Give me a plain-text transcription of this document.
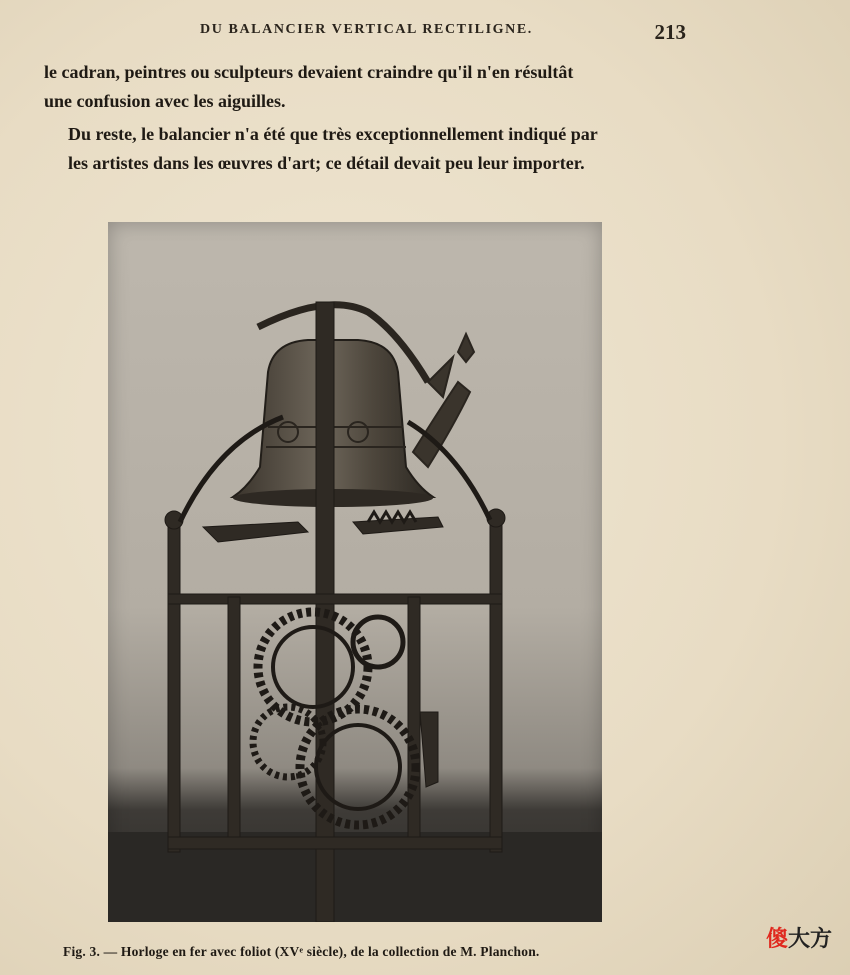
DU BALANCIER VERTICAL RECTILIGNE.	213

le cadran, peintres ou sculpteurs devaient craindre qu'il n'en résultât
une confusion avec les aiguilles.

Du reste, le balancier n'a été que très exceptionnellement indiqué par
les artistes dans les œuvres d'art; ce détail devait peu leur importer.

Fig. 3. — Horloge en fer avec foliot (XVᵉ siècle), de la collection de M. Planchon.	傻大方
